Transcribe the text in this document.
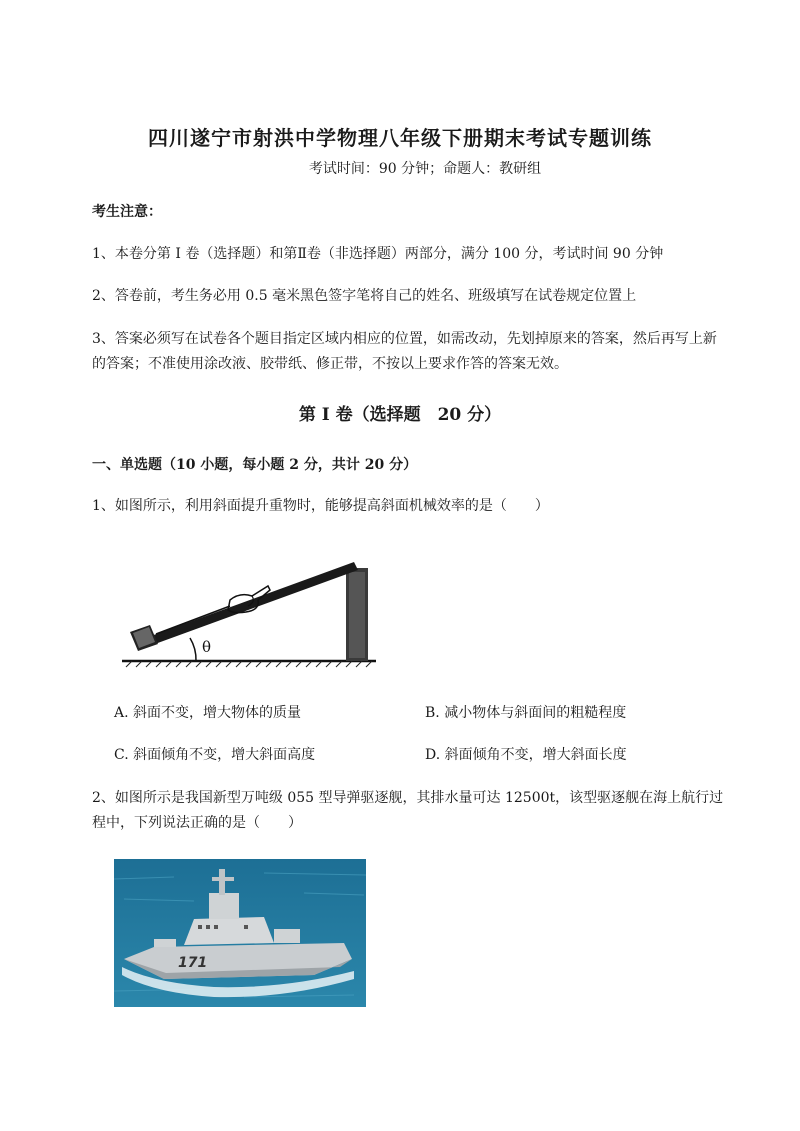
四川遂宁市射洪中学物理八年级下册期末考试专题训练
考试时间：90 分钟；命题人：教研组
考生注意：
1、本卷分第 I 卷（选择题）和第Ⅱ卷（非选择题）两部分，满分 100 分，考试时间 90 分钟
2、答卷前，考生务必用 0.5 毫米黑色签字笔将自己的姓名、班级填写在试卷规定位置上
3、答案必须写在试卷各个题目指定区域内相应的位置，如需改动，先划掉原来的答案，然后再写上新
的答案；不准使用涂改液、胶带纸、修正带，不按以上要求作答的答案无效。
第 I 卷（选择题　20 分）
一、单选题（10 小题，每小题 2 分，共计 20 分）
1、如图所示，利用斜面提升重物时，能够提高斜面机械效率的是（　　）
θ
A. 斜面不变，增大物体的质量	B. 减小物体与斜面间的粗糙程度
C. 斜面倾角不变，增大斜面高度	D. 斜面倾角不变，增大斜面长度
2、如图所示是我国新型万吨级 055 型导弹驱逐舰，其排水量可达 12500t，该型驱逐舰在海上航行过
程中，下列说法正确的是（　　）
171
